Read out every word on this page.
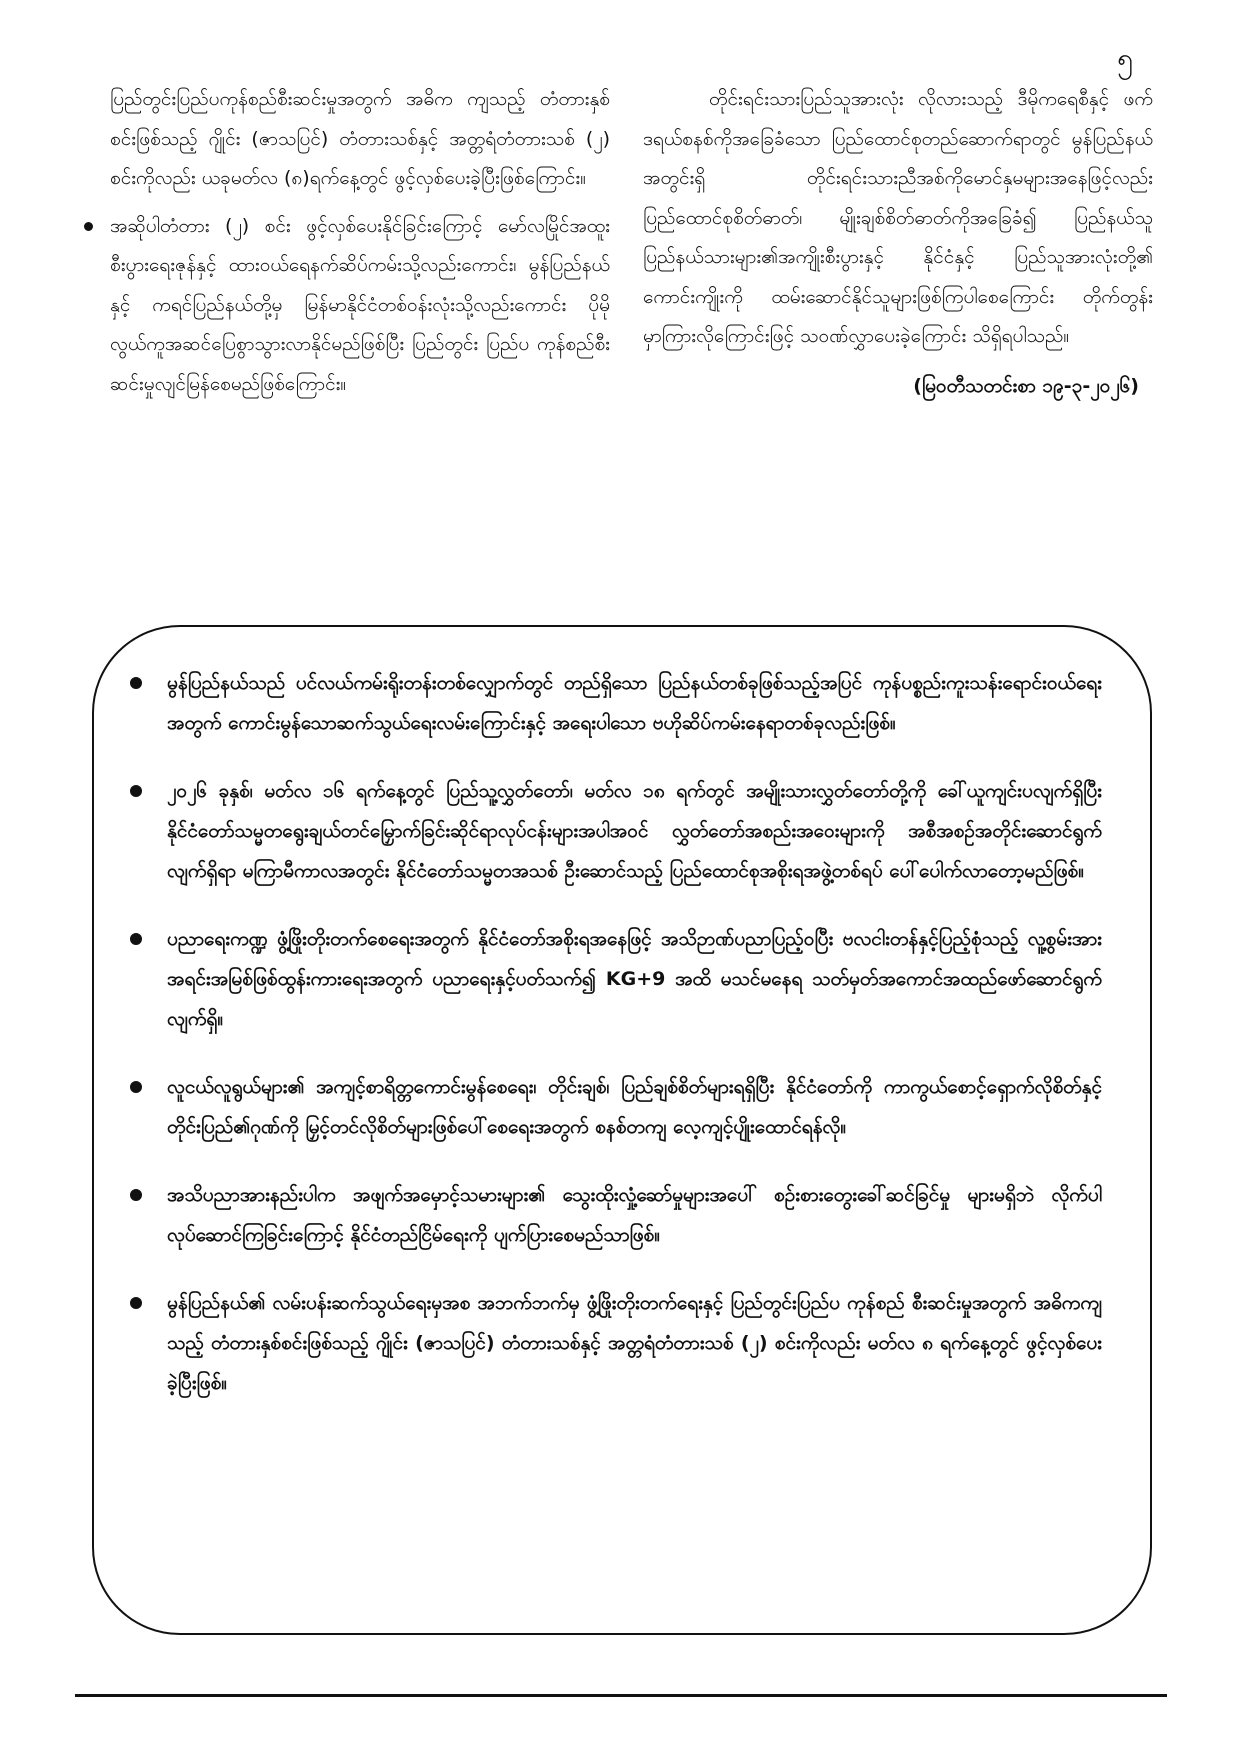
၅

ပြည်တွင်းပြည်ပကုန်စည်စီးဆင်းမှုအတွက် အဓိက ကျသည့် တံတားနှစ်စင်းဖြစ်သည့် ဂျိုင်း (ဇာသပြင်) တံတားသစ်နှင့် အတ္တရံတံတားသစ် (၂) စင်းကိုလည်း ယခုမတ်လ (၈)ရက်နေ့တွင် ဖွင့်လှစ်ပေးခဲ့ပြီးဖြစ်ကြောင်း။

အဆိုပါတံတား (၂) စင်း ဖွင့်လှစ်ပေးနိုင်ခြင်းကြောင့် မော်လမြိုင်အထူးစီးပွားရေးဇုန်နှင့် ထားဝယ်ရေနက်ဆိပ်ကမ်းသို့လည်းကောင်း၊ မွန်ပြည်နယ်နှင့် ကရင်ပြည်နယ်တို့မှ မြန်မာနိုင်ငံတစ်ဝန်းလုံးသို့လည်းကောင်း ပိုမိုလွယ်ကူအဆင်ပြေစွာသွားလာနိုင်မည်ဖြစ်ပြီး ပြည်တွင်း ပြည်ပ ကုန်စည်စီးဆင်းမှုလျင်မြန်စေမည်ဖြစ်ကြောင်း။

တိုင်းရင်းသားပြည်သူအားလုံး လိုလားသည့် ဒီမိုကရေစီနှင့် ဖက်ဒရယ်စနစ်ကိုအခြေခံသော ပြည်ထောင်စုတည်ဆောက်ရာတွင် မွန်ပြည်နယ်အတွင်းရှိ တိုင်းရင်းသားညီအစ်ကိုမောင်နှမများအနေဖြင့်လည်း ပြည်ထောင်စုစိတ်ဓာတ်၊ မျိုးချစ်စိတ်ဓာတ်ကိုအခြေခံ၍ ပြည်နယ်သူ ပြည်နယ်သားများ၏အကျိုးစီးပွားနှင့် နိုင်ငံနှင့် ပြည်သူအားလုံးတို့၏ ကောင်းကျိုးကို ထမ်းဆောင်နိုင်သူများဖြစ်ကြပါစေကြောင်း တိုက်တွန်းမှာကြားလိုကြောင်းဖြင့် သဝဏ်လွှာပေးခဲ့ကြောင်း သိရှိရပါသည်။

(မြဝတီသတင်းစာ ၁၉-၃-၂၀၂၆)
မွန်ပြည်နယ်သည် ပင်လယ်ကမ်းရိုးတန်းတစ်လျှောက်တွင် တည်ရှိသော ပြည်နယ်တစ်ခုဖြစ်သည့်အပြင် ကုန်ပစ္စည်းကူးသန်းရောင်းဝယ်ရေးအတွက် ကောင်းမွန်သောဆက်သွယ်ရေးလမ်းကြောင်းနှင့် အရေးပါသော ဗဟိုဆိပ်ကမ်းနေရာတစ်ခုလည်းဖြစ်။
၂၀၂၆ ခုနှစ်၊ မတ်လ ၁၆ ရက်နေ့တွင် ပြည်သူ့လွှတ်တော်၊ မတ်လ ၁၈ ရက်တွင် အမျိုးသားလွှတ်တော်တို့ကို ခေါ်ယူကျင်းပလျက်ရှိပြီး နိုင်ငံတော်သမ္မတရွေးချယ်တင်မြှောက်ခြင်းဆိုင်ရာလုပ်ငန်းများအပါအဝင် လွှတ်တော်အစည်းအဝေးများကို အစီအစဉ်အတိုင်းဆောင်ရွက်လျက်ရှိရာ မကြာမီကာလအတွင်း နိုင်ငံတော်သမ္မတအသစ် ဦးဆောင်သည့် ပြည်ထောင်စုအစိုးရအဖွဲ့တစ်ရပ် ပေါ်ပေါက်လာတော့မည်ဖြစ်။
ပညာရေးကဏ္ဍ ဖွံ့ဖြိုးတိုးတက်စေရေးအတွက် နိုင်ငံတော်အစိုးရအနေဖြင့် အသိဉာဏ်ပညာပြည့်ဝပြီး ဗလငါးတန်နှင့်ပြည့်စုံသည့် လူ့စွမ်းအားအရင်းအမြစ်ဖြစ်ထွန်းကားရေးအတွက် ပညာရေးနှင့်ပတ်သက်၍ KG+9 အထိ မသင်မနေရ သတ်မှတ်အကောင်အထည်ဖော်ဆောင်ရွက်လျက်ရှိ။
လူငယ်လူရွယ်များ၏ အကျင့်စာရိတ္တကောင်းမွန်စေရေး၊ တိုင်းချစ်၊ ပြည်ချစ်စိတ်များရရှိပြီး နိုင်ငံတော်ကို ကာကွယ်စောင့်ရှောက်လိုစိတ်နှင့် တိုင်းပြည်၏ဂုဏ်ကို မြှင့်တင်လိုစိတ်များဖြစ်ပေါ်စေရေးအတွက် စနစ်တကျ လေ့ကျင့်ပျိုးထောင်ရန်လို။
အသိပညာအားနည်းပါက အဖျက်အမှောင့်သမားများ၏ သွေးထိုးလှုံ့ဆော်မှုများအပေါ် စဉ်းစားတွေးခေါ်ဆင်ခြင်မှု များမရှိဘဲ လိုက်ပါလုပ်ဆောင်ကြခြင်းကြောင့် နိုင်ငံတည်ငြိမ်ရေးကို ပျက်ပြားစေမည်သာဖြစ်။
မွန်ပြည်နယ်၏ လမ်းပန်းဆက်သွယ်ရေးမှအစ အဘက်ဘက်မှ ဖွံ့ဖြိုးတိုးတက်ရေးနှင့် ပြည်တွင်းပြည်ပ ကုန်စည် စီးဆင်းမှုအတွက် အဓိကကျသည့် တံတားနှစ်စင်းဖြစ်သည့် ဂျိုင်း (ဇာသပြင်) တံတားသစ်နှင့် အတ္တရံတံတားသစ် (၂) စင်းကိုလည်း မတ်လ ၈ ရက်နေ့တွင် ဖွင့်လှစ်ပေးခဲ့ပြီးဖြစ်။
